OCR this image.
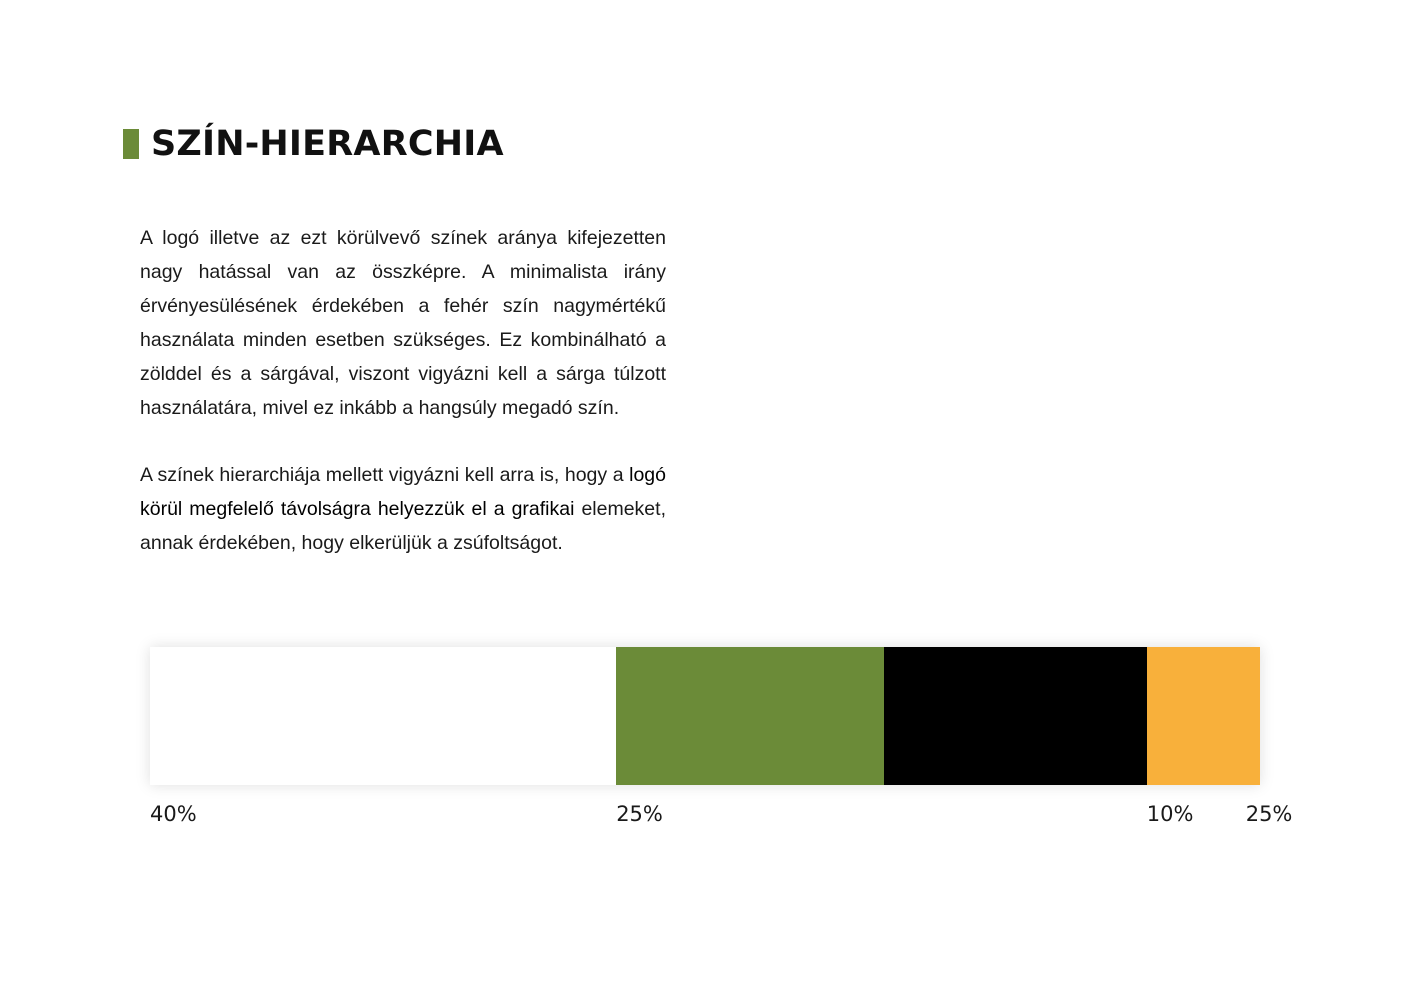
SZÍN-HIERARCHIA

A logó illetve az ezt körülvevő színek aránya kifejezetten nagy hatással van az összképre. A minimalista irány érvényesülésének érdekében a fehér szín nagymértékű használata minden esetben szükséges. Ez kombinálható a zölddel és a sárgával, viszont vigyázni kell a sárga túlzott használatára, mivel ez inkább a hangsúly megadó szín.

A színek hierarchiája mellett vigyázni kell arra is, hogy a logó körül megfelelő távolságra helyezzük el a grafikai elemeket, annak érdekében, hogy elkerüljük a zsúfoltságot.

40%	25%	25%
10%
